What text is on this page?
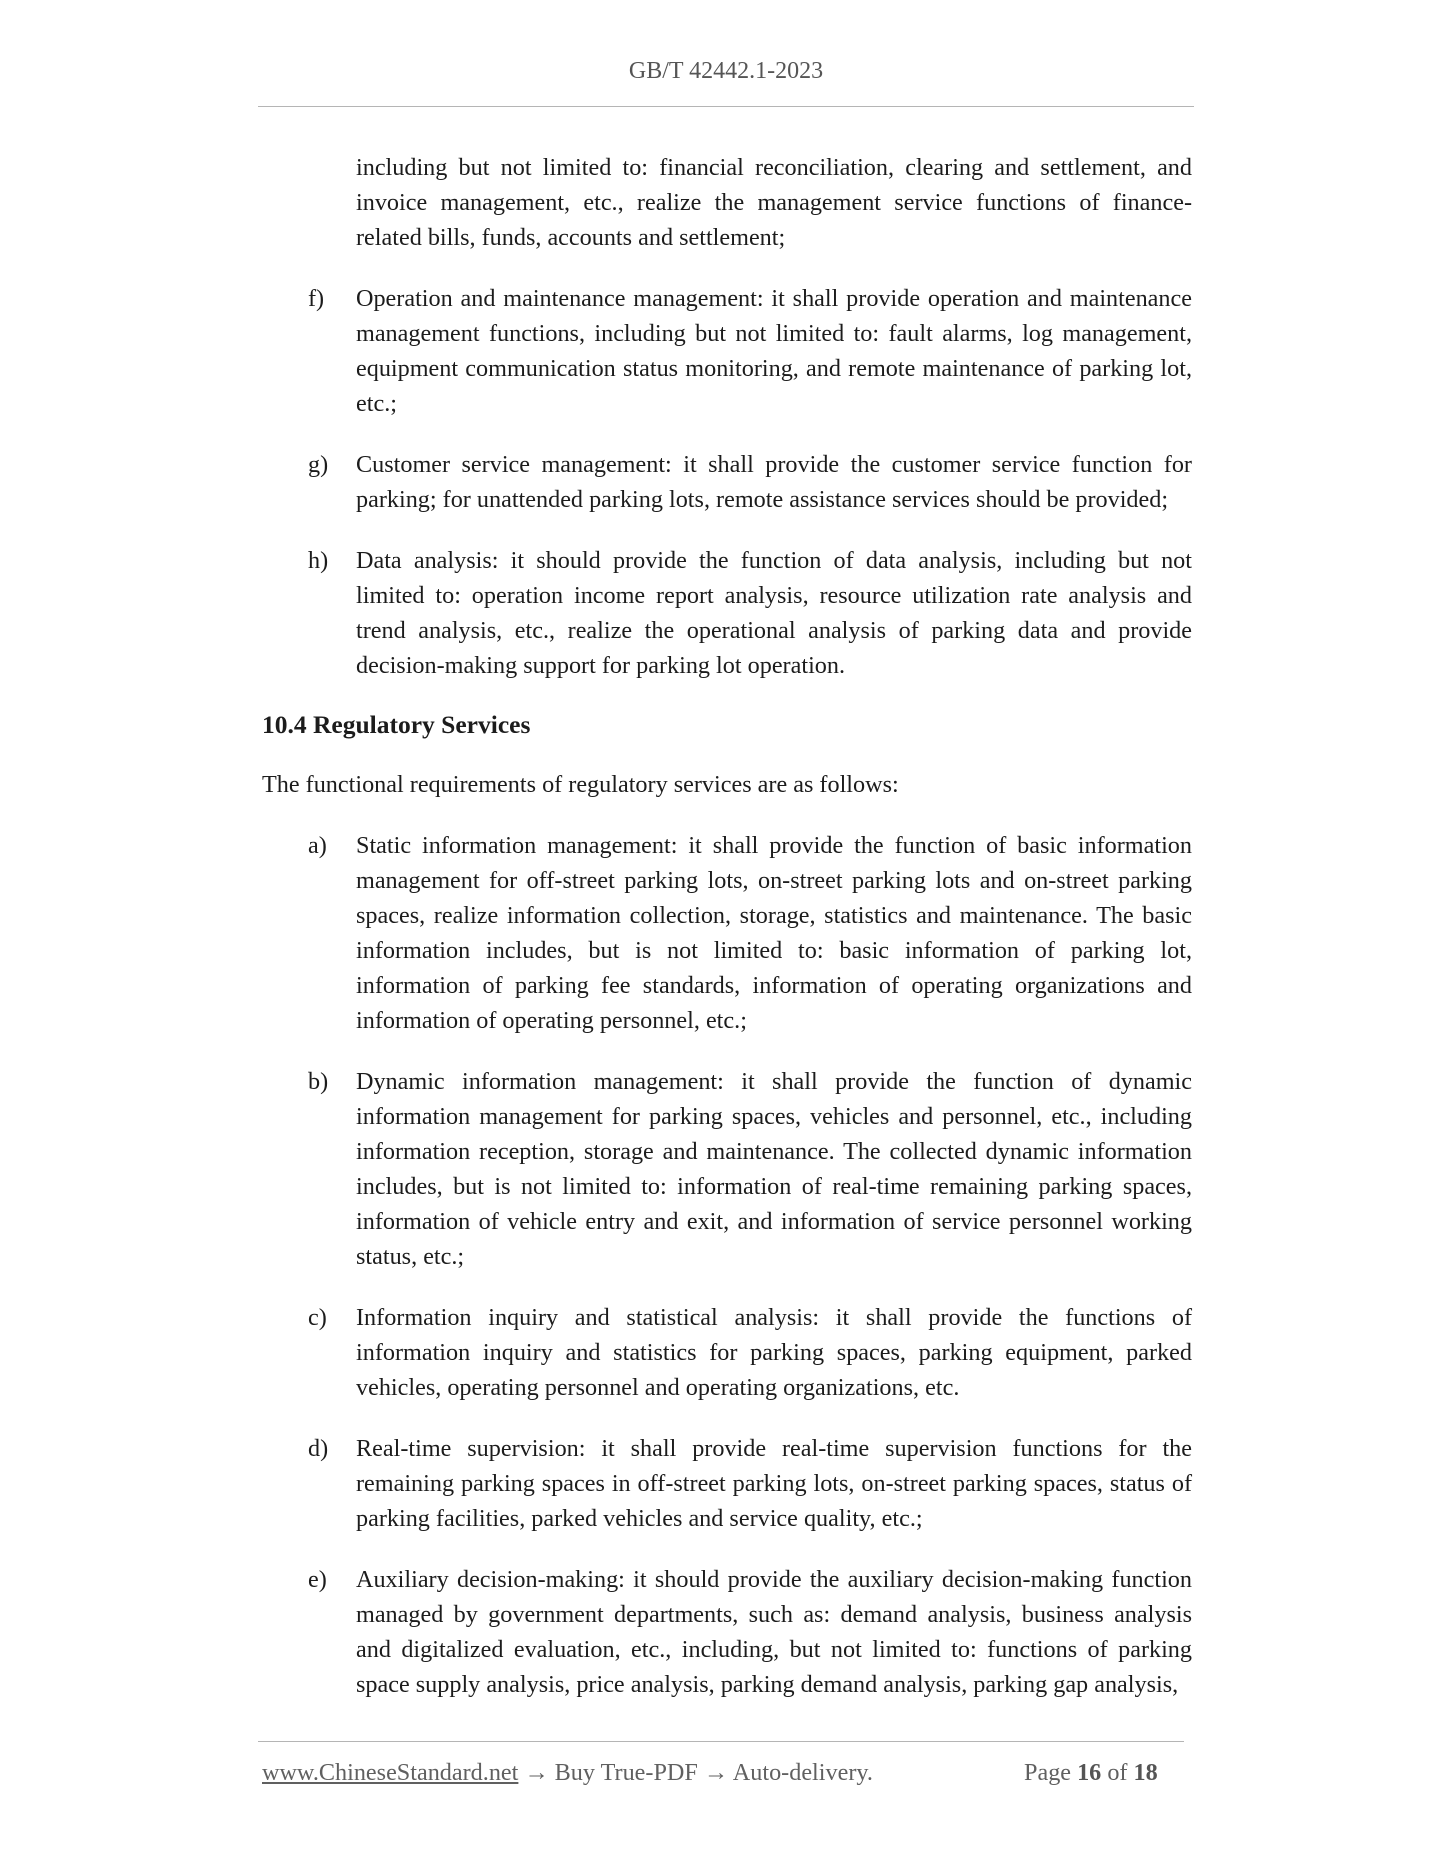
GB/T 42442.1-2023

including but not limited to: financial reconciliation, clearing and settlement, and invoice management, etc., realize the management service functions of finance-related bills, funds, accounts and settlement;

f) Operation and maintenance management: it shall provide operation and maintenance management functions, including but not limited to: fault alarms, log management, equipment communication status monitoring, and remote maintenance of parking lot, etc.;
g) Customer service management: it shall provide the customer service function for parking; for unattended parking lots, remote assistance services should be provided;
h) Data analysis: it should provide the function of data analysis, including but not limited to: operation income report analysis, resource utilization rate analysis and trend analysis, etc., realize the operational analysis of parking data and provide decision-making support for parking lot operation.
10.4 Regulatory Services
The functional requirements of regulatory services are as follows:
a) Static information management: it shall provide the function of basic information management for off-street parking lots, on-street parking lots and on-street parking spaces, realize information collection, storage, statistics and maintenance. The basic information includes, but is not limited to: basic information of parking lot, information of parking fee standards, information of operating organizations and information of operating personnel, etc.;
b) Dynamic information management: it shall provide the function of dynamic information management for parking spaces, vehicles and personnel, etc., including information reception, storage and maintenance. The collected dynamic information includes, but is not limited to: information of real-time remaining parking spaces, information of vehicle entry and exit, and information of service personnel working status, etc.;
c) Information inquiry and statistical analysis: it shall provide the functions of information inquiry and statistics for parking spaces, parking equipment, parked vehicles, operating personnel and operating organizations, etc.
d) Real-time supervision: it shall provide real-time supervision functions for the remaining parking spaces in off-street parking lots, on-street parking spaces, status of parking facilities, parked vehicles and service quality, etc.;
e) Auxiliary decision-making: it should provide the auxiliary decision-making function managed by government departments, such as: demand analysis, business analysis and digitalized evaluation, etc., including, but not limited to: functions of parking space supply analysis, price analysis, parking demand analysis, parking gap analysis,
www.ChineseStandard.net → Buy True-PDF → Auto-delivery.	Page 16 of 18
